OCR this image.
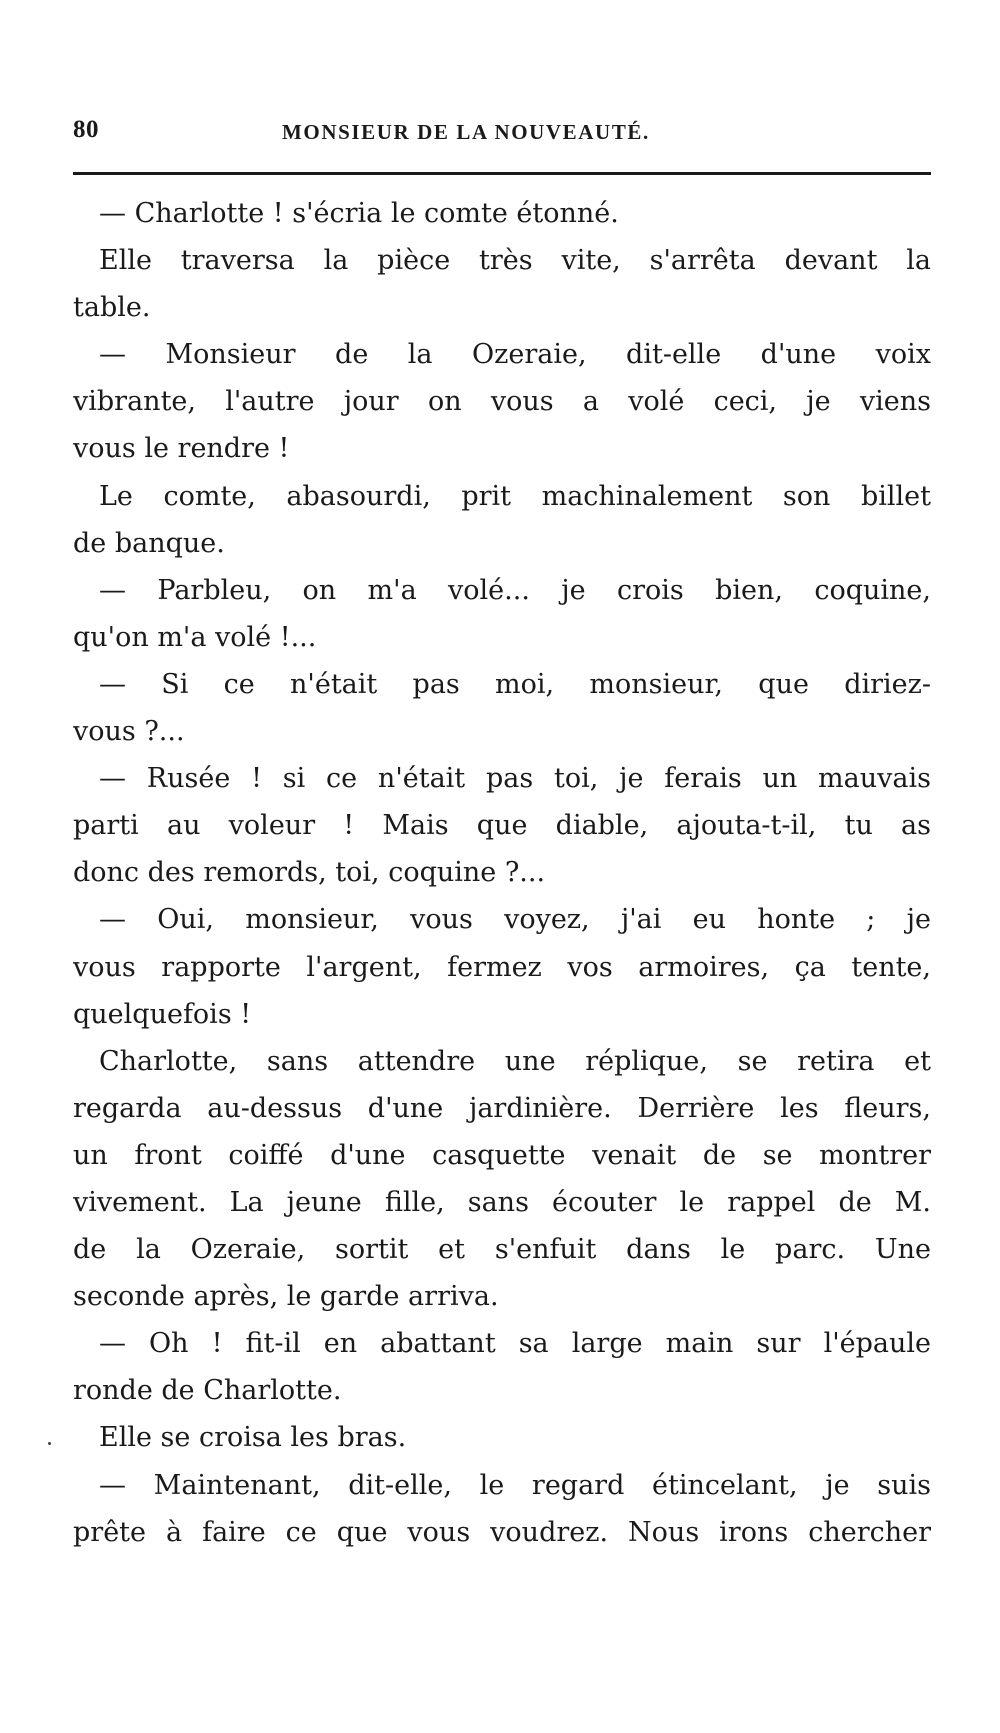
80	MONSIEUR DE LA NOUVEAUTÉ.
— Charlotte ! s'écria le comte étonné.
Elle traversa la pièce très vite, s'arrêta devant la
table.
— Monsieur de la Ozeraie, dit-elle d'une voix
vibrante, l'autre jour on vous a volé ceci, je viens
vous le rendre !
Le comte, abasourdi, prit machinalement son billet
de banque.
— Parbleu, on m'a volé... je crois bien, coquine,
qu'on m'a volé !...
— Si ce n'était pas moi, monsieur, que diriez-
vous ?...
— Rusée ! si ce n'était pas toi, je ferais un mauvais
parti au voleur ! Mais que diable, ajouta-t-il, tu as
donc des remords, toi, coquine ?...
— Oui, monsieur, vous voyez, j'ai eu honte ; je
vous rapporte l'argent, fermez vos armoires, ça tente,
quelquefois !
Charlotte, sans attendre une réplique, se retira et
regarda au-dessus d'une jardinière. Derrière les fleurs,
un front coiffé d'une casquette venait de se montrer
vivement. La jeune fille, sans écouter le rappel de M.
de la Ozeraie, sortit et s'enfuit dans le parc. Une
seconde après, le garde arriva.
— Oh ! fit-il en abattant sa large main sur l'épaule
ronde de Charlotte.
Elle se croisa les bras.
— Maintenant, dit-elle, le regard étincelant, je suis
prête à faire ce que vous voudrez. Nous irons chercher
